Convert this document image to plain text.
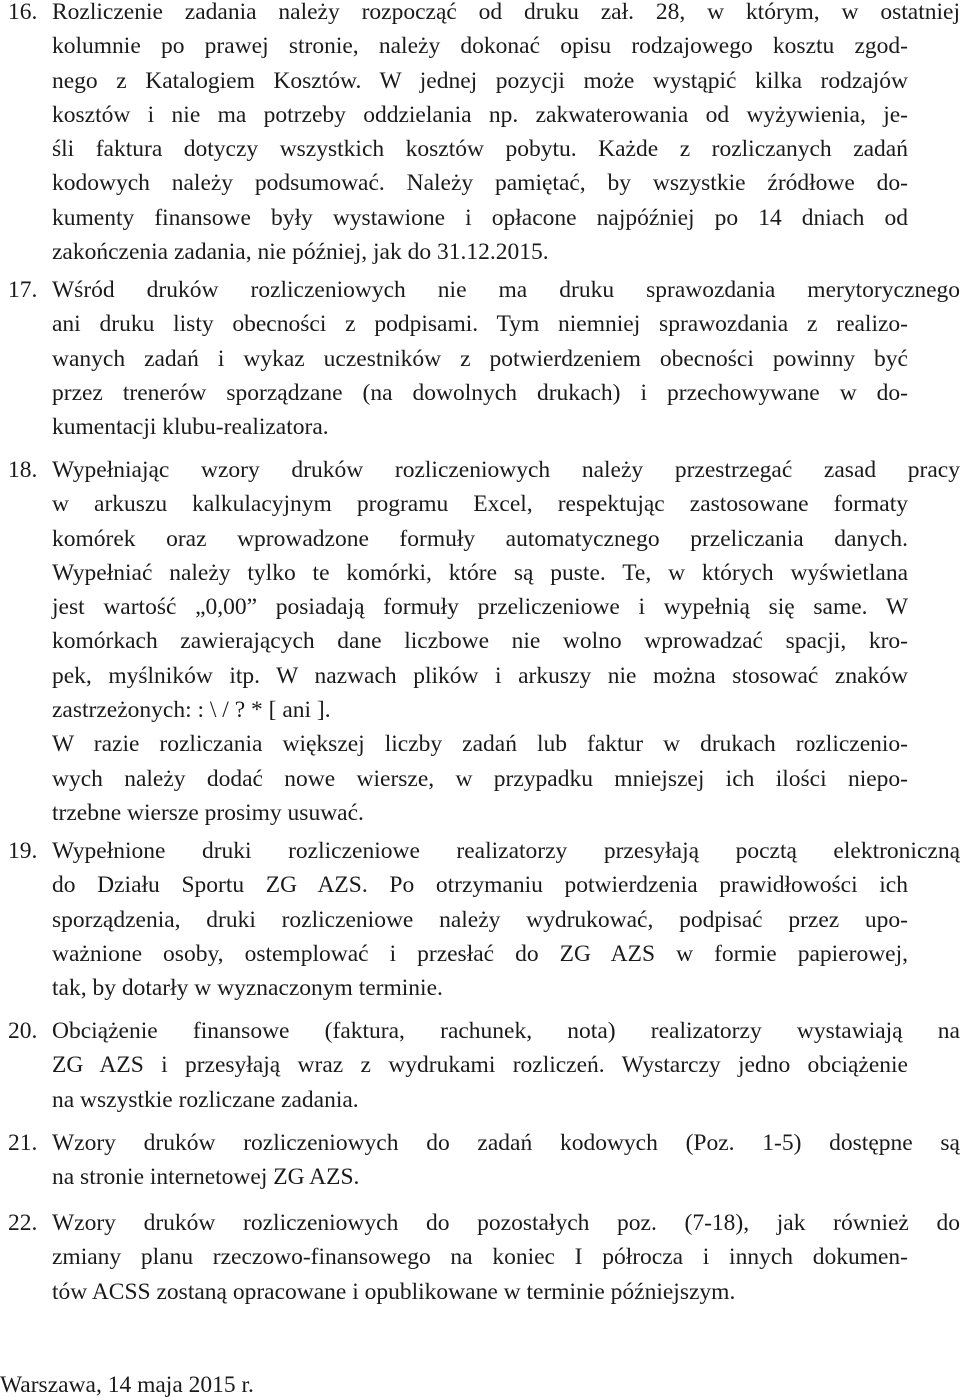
16. Rozliczenie zadania należy rozpocząć od druku zał. 28, w którym, w ostatniej
kolumnie po prawej stronie, należy dokonać opisu rodzajowego kosztu zgod-
nego z Katalogiem Kosztów. W jednej pozycji może wystąpić kilka rodzajów
kosztów i nie ma potrzeby oddzielania np. zakwaterowania od wyżywienia, je-
śli faktura dotyczy wszystkich kosztów pobytu. Każde z rozliczanych zadań
kodowych należy podsumować. Należy pamiętać, by wszystkie źródłowe do-
kumenty finansowe były wystawione i opłacone najpóźniej po 14 dniach od
zakończenia zadania, nie później, jak do 31.12.2015.
17. Wśród druków rozliczeniowych nie ma druku sprawozdania merytorycznego
ani druku listy obecności z podpisami. Tym niemniej sprawozdania z realizo-
wanych zadań i wykaz uczestników z potwierdzeniem obecności powinny być
przez trenerów sporządzane (na dowolnych drukach) i przechowywane w do-
kumentacji klubu-realizatora.
18. Wypełniając wzory druków rozliczeniowych należy przestrzegać zasad pracy
w arkuszu kalkulacyjnym programu Excel, respektując zastosowane formaty
komórek oraz wprowadzone formuły automatycznego przeliczania danych.
Wypełniać należy tylko te komórki, które są puste. Te, w których wyświetlana
jest wartość „0,00” posiadają formuły przeliczeniowe i wypełnią się same. W
komórkach zawierających dane liczbowe nie wolno wprowadzać spacji, kro-
pek, myślników itp. W nazwach plików i arkuszy nie można stosować znaków
zastrzeżonych: : \ / ? * [ ani ].
W razie rozliczania większej liczby zadań lub faktur w drukach rozliczenio-
wych należy dodać nowe wiersze, w przypadku mniejszej ich ilości niepo-
trzebne wiersze prosimy usuwać.
19. Wypełnione druki rozliczeniowe realizatorzy przesyłają pocztą elektroniczną
do Działu Sportu ZG AZS. Po otrzymaniu potwierdzenia prawidłowości ich
sporządzenia, druki rozliczeniowe należy wydrukować, podpisać przez upo-
ważnione osoby, ostemplować i przesłać do ZG AZS w formie papierowej,
tak, by dotarły w wyznaczonym terminie.
20. Obciążenie finansowe (faktura, rachunek, nota) realizatorzy wystawiają na
ZG AZS i przesyłają wraz z wydrukami rozliczeń. Wystarczy jedno obciążenie
na wszystkie rozliczane zadania.
21. Wzory druków rozliczeniowych do zadań kodowych (Poz. 1-5) dostępne są
na stronie internetowej ZG AZS.
22. Wzory druków rozliczeniowych do pozostałych poz. (7-18), jak również do
zmiany planu rzeczowo-finansowego na koniec I półrocza i innych dokumen-
tów ACSS zostaną opracowane i opublikowane w terminie późniejszym.
Warszawa, 14 maja 2015 r.
